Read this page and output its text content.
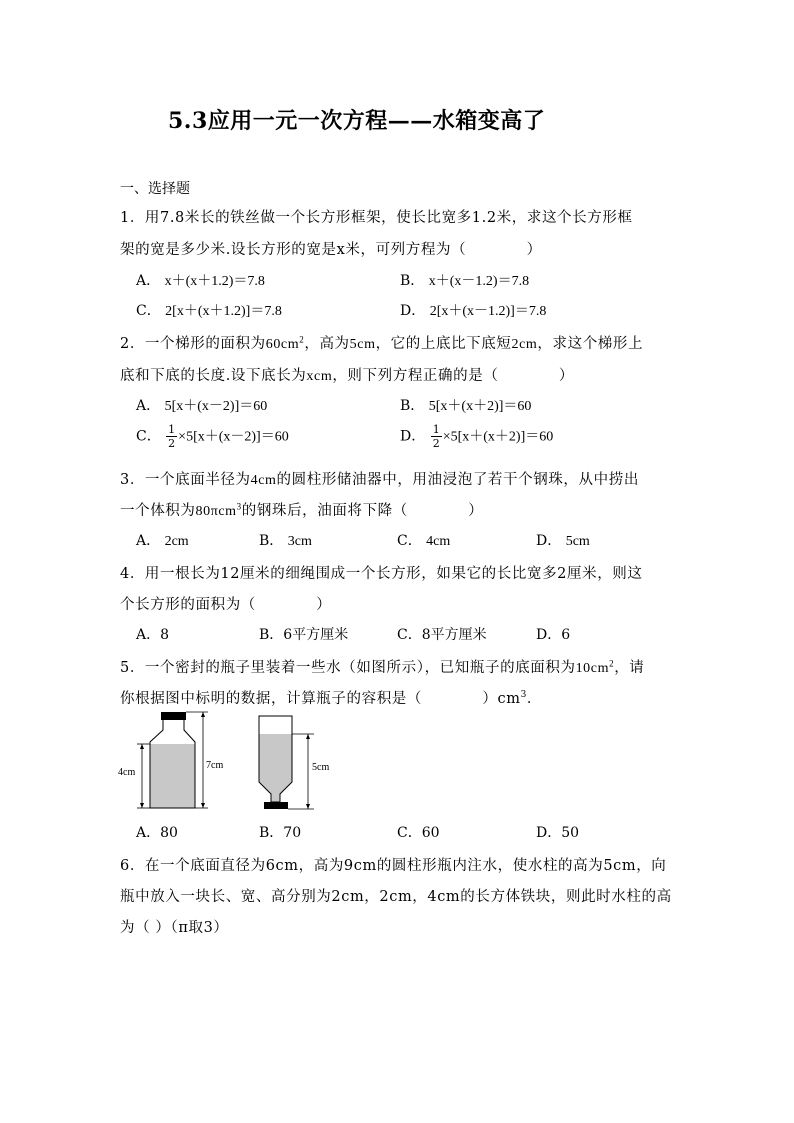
5.3应用一元一次方程——水箱变高了
一、选择题
1．用7.8米长的铁丝做一个长方形框架，使长比宽多1.2米，求这个长方形框
架的宽是多少米.设长方形的宽是x米，可列方程为（　　　　）
A． x＋(x＋1.2)＝7.8	B． x＋(x－1.2)＝7.8
C． 2[x＋(x＋1.2)]＝7.8	D． 2[x＋(x－1.2)]＝7.8
2．一个梯形的面积为$60cm^2$，高为5cm，它的上底比下底短2cm，求这个梯形上
底和下底的长度.设下底长为xcm，则下列方程正确的是（　　　　）
A． 5[x＋(x－2)]＝60	B． 5[x＋(x＋2)]＝60
C． $\frac{1}{2} \times 5[x+(x-2)]=60$	D． $\frac{1}{2} \times 5[x+(x+2)]=60$
3．一个底面半径为4cm的圆柱形储油器中，用油浸泡了若干个钢珠，从中捞出
一个体积为80πcm$^3$的钢珠后，油面将下降（　　　　）
A． 2cm	B． 3cm	C． 4cm	D． 5cm
4．用一根长为12厘米的细绳围成一个长方形，如果它的长比宽多2厘米，则这
个长方形的面积为（　　　　）
A．8	B．6平方厘米	C．8平方厘米	D．6
5．一个密封的瓶子里装着一些水（如图所示），已知瓶子的底面积为$10cm^2$，请
你根据图中标明的数据，计算瓶子的容积是（　　　　）$cm^3$．
4cm
7cm	5cm
A．80	B．70	C．60	D．50
6．在一个底面直径为6cm，高为9cm的圆柱形瓶内注水，使水柱的高为5cm，向
瓶中放入一块长、宽、高分别为2cm，2cm，4cm的长方体铁块，则此时水柱的高
为（ ）（π取3）
